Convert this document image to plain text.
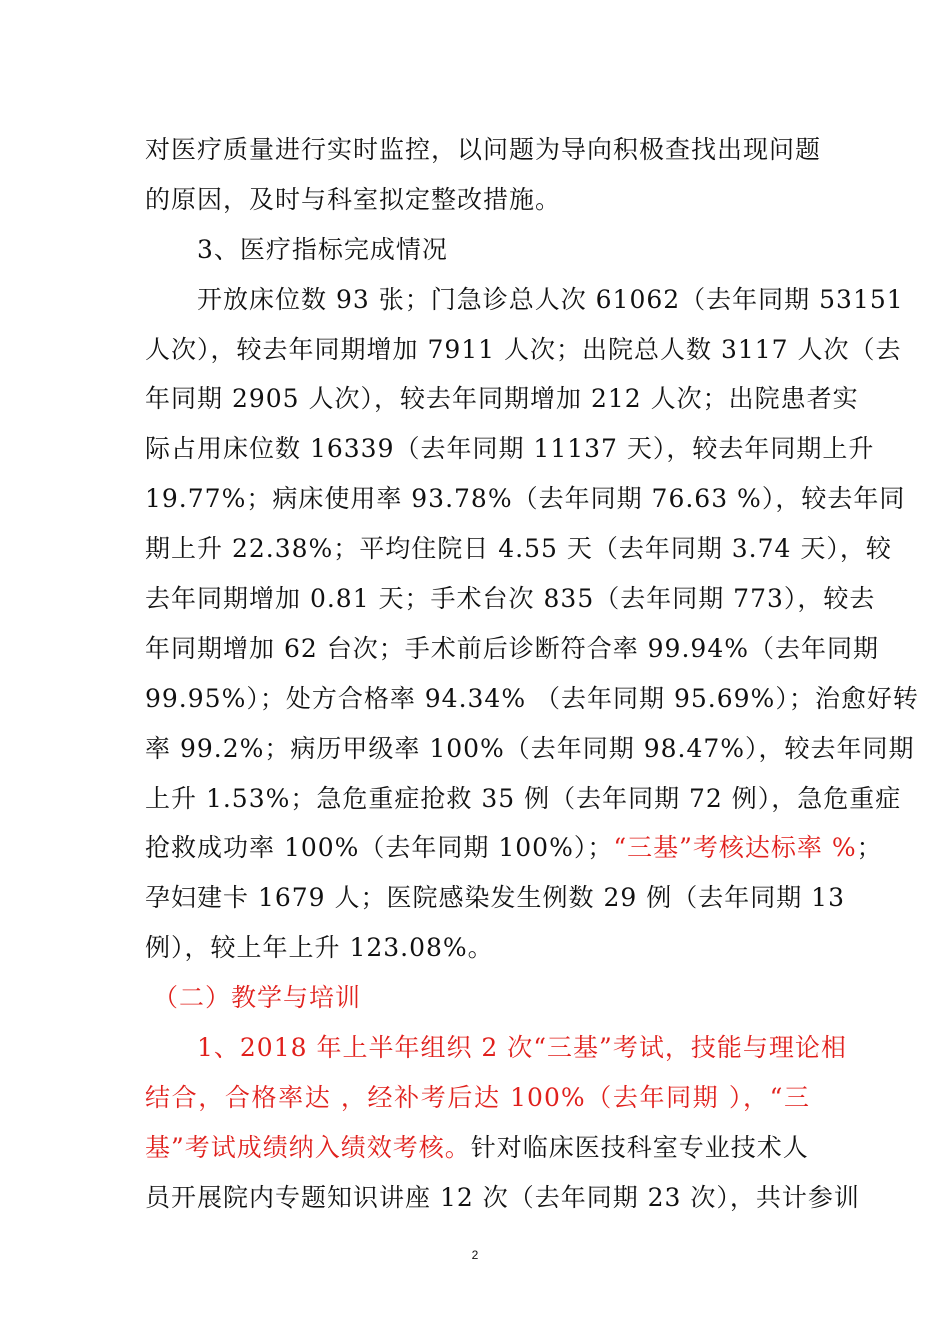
对医疗质量进行实时监控，以问题为导向积极查找出现问题
的原因，及时与科室拟定整改措施。
3、医疗指标完成情况
开放床位数 93 张；门急诊总人次 61062（去年同期 53151
人次），较去年同期增加 7911 人次；出院总人数 3117 人次（去
年同期 2905 人次），较去年同期增加 212 人次；出院患者实
际占用床位数 16339（去年同期 11137 天），较去年同期上升
19.77%；病床使用率 93.78%（去年同期 76.63 %），较去年同
期上升 22.38%；平均住院日 4.55 天（去年同期 3.74 天），较
去年同期增加 0.81 天；手术台次 835（去年同期 773），较去
年同期增加 62 台次；手术前后诊断符合率 99.94%（去年同期
99.95%）；处方合格率 94.34% （去年同期 95.69%）；治愈好转
率 99.2%；病历甲级率 100%（去年同期 98.47%），较去年同期
上升 1.53%；急危重症抢救 35 例（去年同期 72 例），急危重症
抢救成功率 100%（去年同期 100%）；“三基”考核达标率 %；
孕妇建卡 1679 人；医院感染发生例数 29 例（去年同期 13
例），较上年上升 123.08%。
（二）教学与培训
1、2018 年上半年组织 2 次“三基”考试，技能与理论相
结合，合格率达 ，经补考后达 100%（去年同期 ），“三
基”考试成绩纳入绩效考核。针对临床医技科室专业技术人
员开展院内专题知识讲座 12 次（去年同期 23 次），共计参训
2
